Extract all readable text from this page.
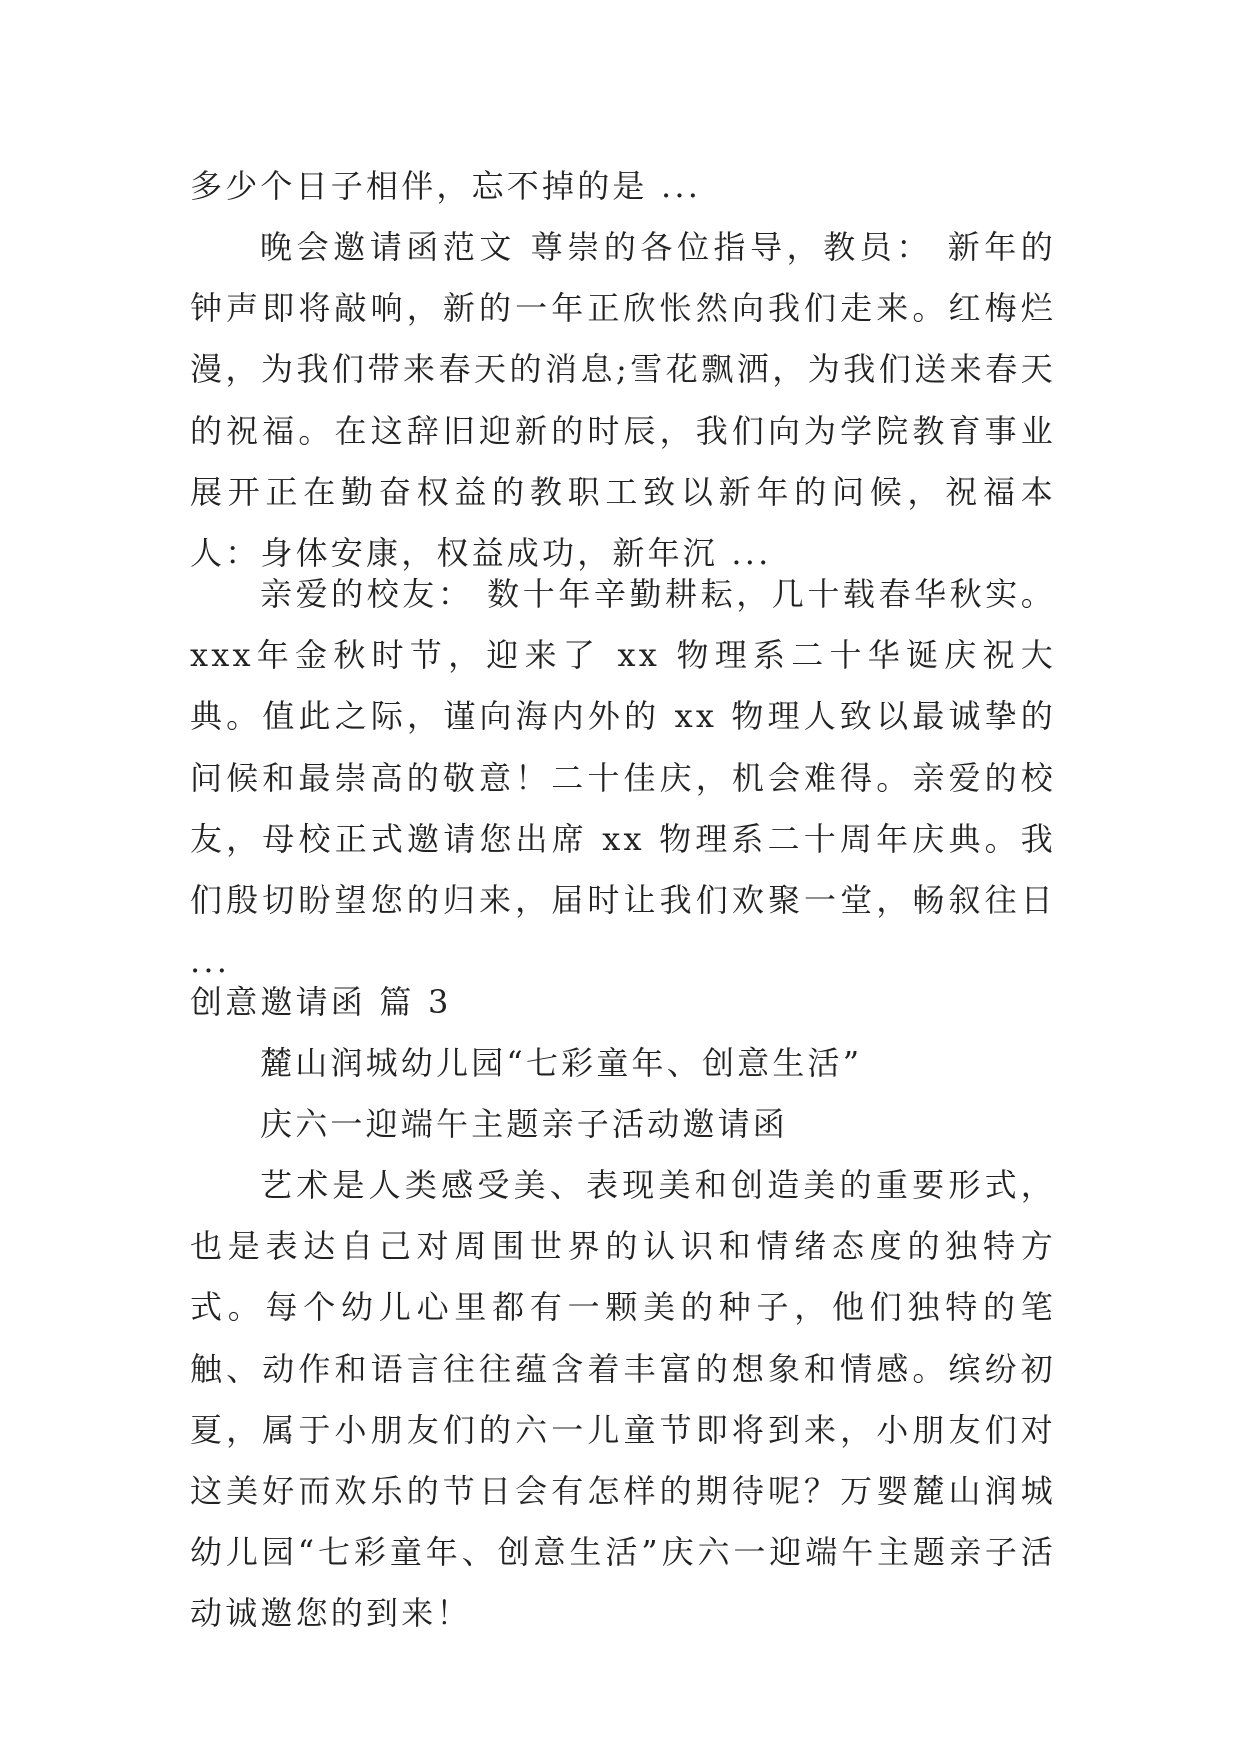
多少个日子相伴，忘不掉的是 ...

晚会邀请函范文 尊崇的各位指导，教员： 新年的钟声即将敲响，新的一年正欣怅然向我们走来。红梅烂漫，为我们带来春天的消息;雪花飘洒，为我们送来春天的祝福。在这辞旧迎新的时辰，我们向为学院教育事业展开正在勤奋权益的教职工致以新年的问候，祝福本人：身体安康，权益成功，新年沉 ...

亲爱的校友： 数十年辛勤耕耘，几十载春华秋实。xxx年金秋时节，迎来了 xx 物理系二十华诞庆祝大典。值此之际，谨向海内外的 xx 物理人致以最诚挚的问候和最崇高的敬意！二十佳庆，机会难得。亲爱的校友，母校正式邀请您出席 xx 物理系二十周年庆典。我们殷切盼望您的归来，届时让我们欢聚一堂，畅叙往日 ...

创意邀请函 篇 3

麓山润城幼儿园“七彩童年、创意生活”

庆六一迎端午主题亲子活动邀请函

艺术是人类感受美、表现美和创造美的重要形式，也是表达自己对周围世界的认识和情绪态度的独特方式。每个幼儿心里都有一颗美的种子，他们独特的笔触、动作和语言往往蕴含着丰富的想象和情感。缤纷初夏，属于小朋友们的六一儿童节即将到来，小朋友们对这美好而欢乐的节日会有怎样的期待呢？万婴麓山润城幼儿园“七彩童年、创意生活”庆六一迎端午主题亲子活动诚邀您的到来！
